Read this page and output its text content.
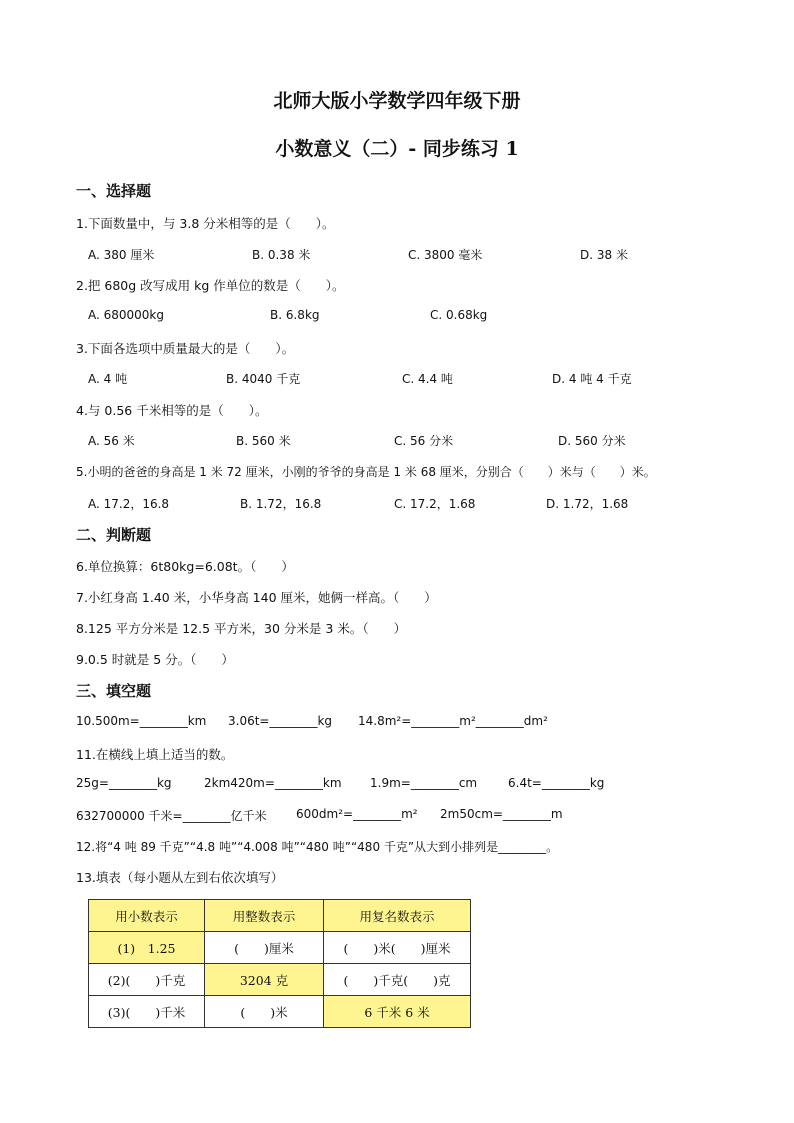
北师大版小学数学四年级下册
小数意义（二）- 同步练习 1
一、选择题
1.下面数量中，与 3.8 分米相等的是（　　）。
A. 380 厘米	B. 0.38 米	C. 3800 毫米	D. 38 米
2.把 680g 改写成用 kg 作单位的数是（　　）。
A. 680000kg	B. 6.8kg	C. 0.68kg
3.下面各选项中质量最大的是（　　）。
A. 4 吨	B. 4040 千克	C. 4.4 吨	D. 4 吨 4 千克
4.与 0.56 千米相等的是（　　）。
A. 56 米	B. 560 米	C. 56 分米	D. 560 分米
5.小明的爸爸的身高是 1 米 72 厘米，小刚的爷爷的身高是 1 米 68 厘米，分别合（　　）米与（　　）米。
A. 17.2，16.8	B. 1.72，16.8	C. 17.2，1.68	D. 1.72，1.68
二、判断题
6.单位换算：6t80kg=6.08t。（　　）
7.小红身高 1.40 米，小华身高 140 厘米，她俩一样高。（　　）
8.125 平方分米是 12.5 平方米，30 分米是 3 米。（　　）
9.0.5 时就是 5 分。（　　）
三、填空题
10.500m=________km 3.06t=________kg 14.8m²=________m²________dm²
11.在横线上填上适当的数。
25g=________kg	2km420m=________km 1.9m=________cm	6.4t=________kg
632700000 千米=________亿千米 600dm²=________m² 2m50cm=________m
12.将“4 吨 89 千克”“4.8 吨”“4.008 吨”“480 吨”“480 千克”从大到小排列是________。
13.填表（每小题从左到右依次填写）
用小数表示	用整数表示	用复名数表示
(1)　1.25	(　　)厘米	(　　)米(　　)厘米
(2)(　　)千克	3204 克	(　　)千克(　　)克
(3)(　　)千米	(　　)米	6 千米 6 米
